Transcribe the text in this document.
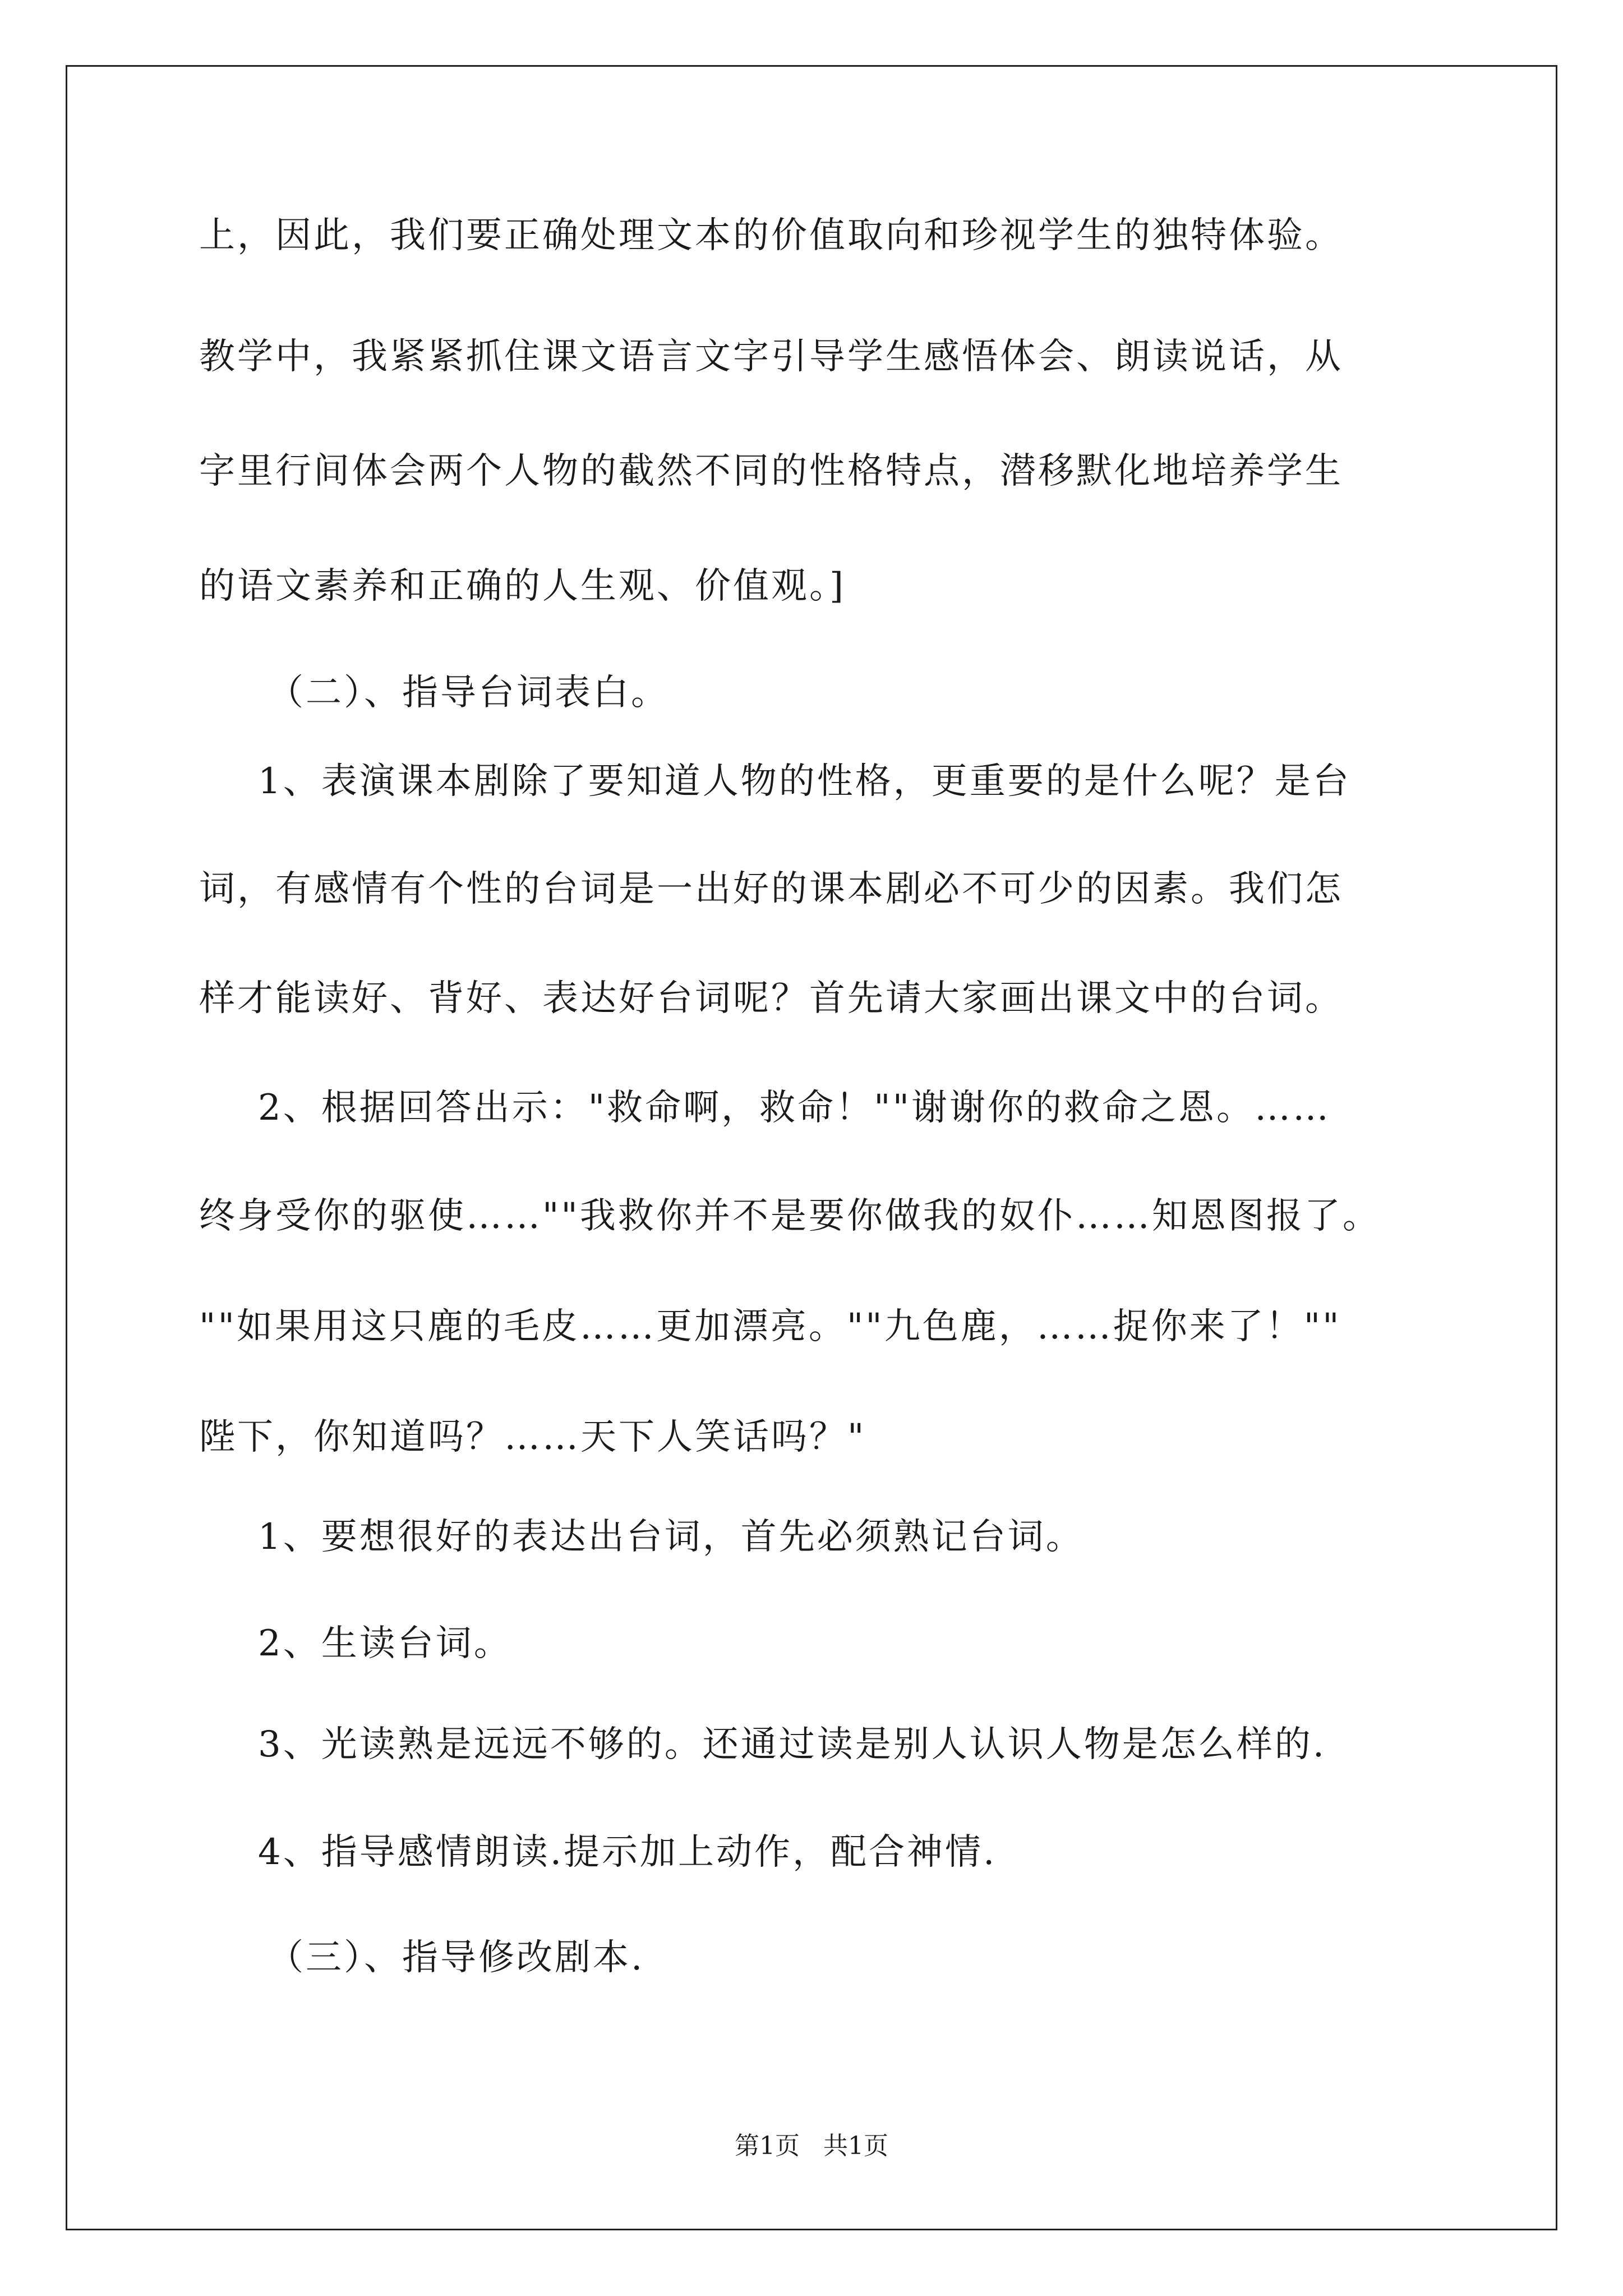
上，因此，我们要正确处理文本的价值取向和珍视学生的独特体验。
教学中，我紧紧抓住课文语言文字引导学生感悟体会、朗读说话，从
字里行间体会两个人物的截然不同的性格特点，潜移默化地培养学生
的语文素养和正确的人生观、价值观。]
（二）、指导台词表白。
1、表演课本剧除了要知道人物的性格，更重要的是什么呢？是台
词，有感情有个性的台词是一出好的课本剧必不可少的因素。我们怎
样才能读好、背好、表达好台词呢？首先请大家画出课文中的台词。
2、根据回答出示："救命啊，救命！""谢谢你的救命之恩。……
终身受你的驱使……""我救你并不是要你做我的奴仆……知恩图报了。
""如果用这只鹿的毛皮……更加漂亮。""九色鹿，……捉你来了！""
陛下，你知道吗？……天下人笑话吗？"
1、要想很好的表达出台词，首先必须熟记台词。
2、生读台词。
3、光读熟是远远不够的。还通过读是别人认识人物是怎么样的.
4、指导感情朗读.提示加上动作，配合神情.
（三）、指导修改剧本.
第1页 共1页
